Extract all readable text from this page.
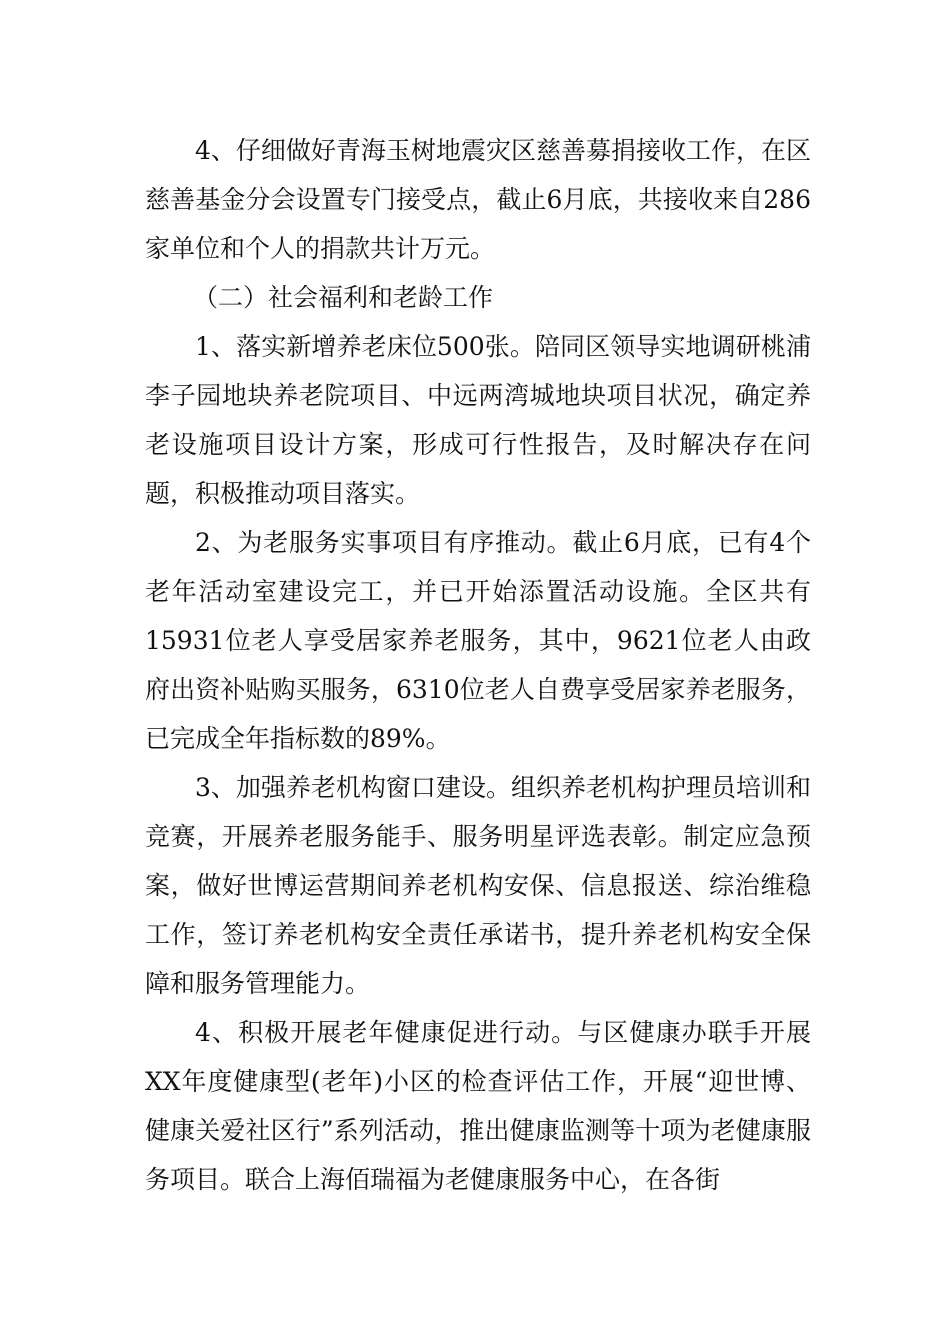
4、仔细做好青海玉树地震灾区慈善募捐接收工作，在区慈善基金分会设置专门接受点，截止6月底，共接收来自286家单位和个人的捐款共计万元。

（二）社会福利和老龄工作

1、落实新增养老床位500张。陪同区领导实地调研桃浦李子园地块养老院项目、中远两湾城地块项目状况，确定养老设施项目设计方案，形成可行性报告，及时解决存在问题，积极推动项目落实。

2、为老服务实事项目有序推动。截止6月底，已有4个老年活动室建设完工，并已开始添置活动设施。全区共有15931位老人享受居家养老服务，其中，9621位老人由政府出资补贴购买服务，6310位老人自费享受居家养老服务，已完成全年指标数的89%。

3、加强养老机构窗口建设。组织养老机构护理员培训和竞赛，开展养老服务能手、服务明星评选表彰。制定应急预案，做好世博运营期间养老机构安保、信息报送、综治维稳工作，签订养老机构安全责任承诺书，提升养老机构安全保障和服务管理能力。

4、积极开展老年健康促进行动。与区健康办联手开展XX年度健康型(老年)小区的检查评估工作，开展“迎世博、健康关爱社区行”系列活动，推出健康监测等十项为老健康服务项目。联合上海佰瑞福为老健康服务中心，在各街
